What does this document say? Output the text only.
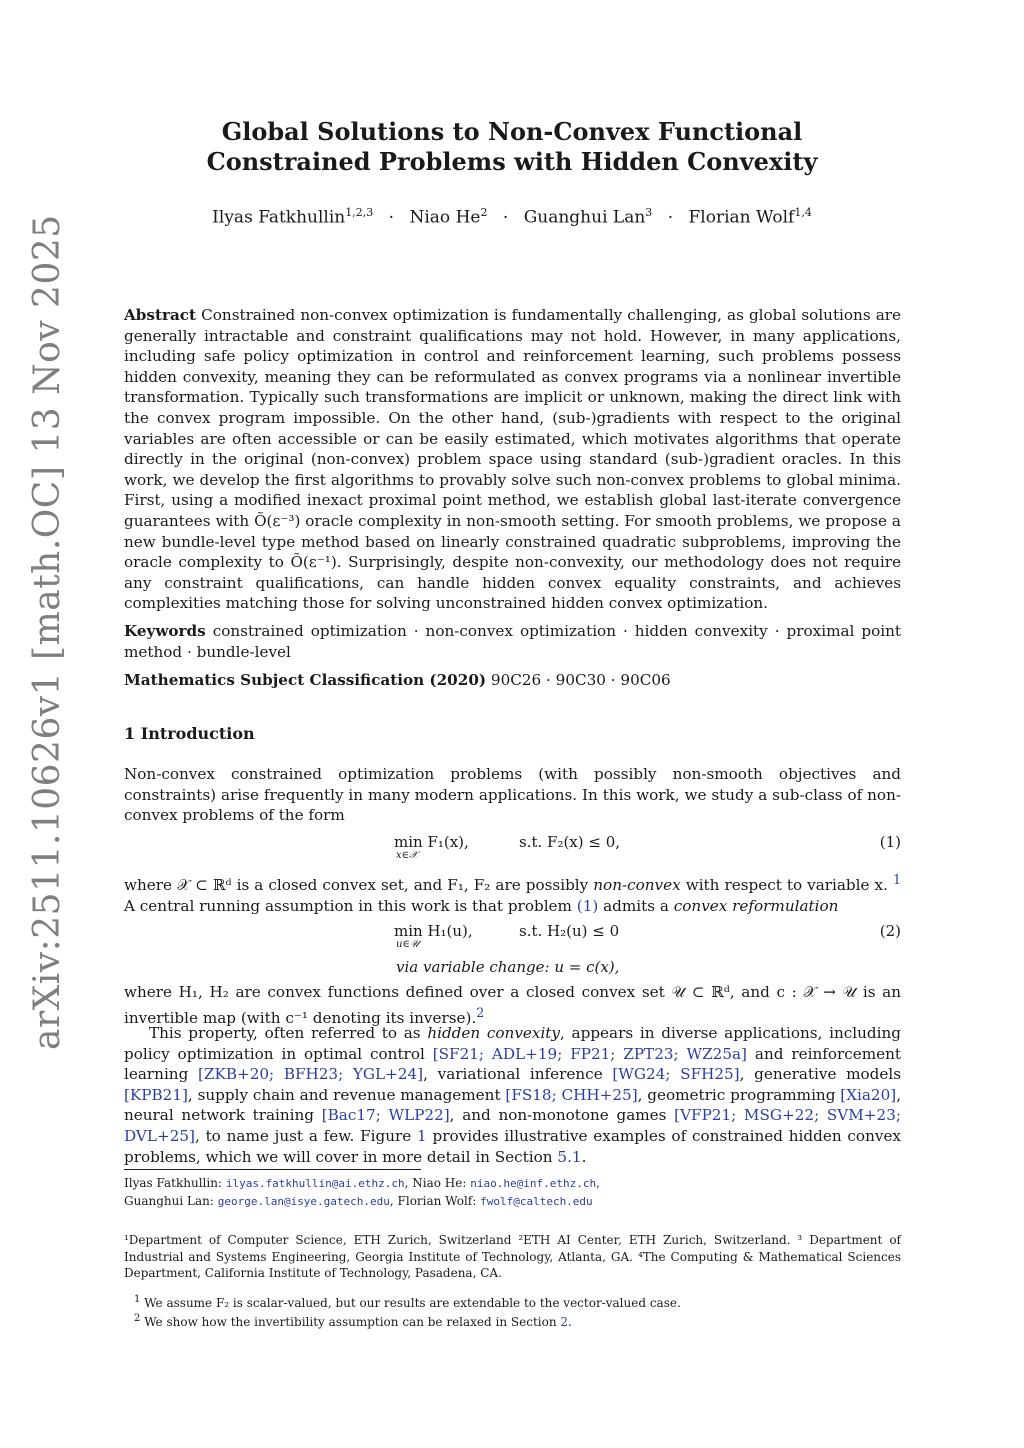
arXiv:2511.10626v1 [math.OC] 13 Nov 2025
Global Solutions to Non-Convex Functional
Constrained Problems with Hidden Convexity
Ilyas Fatkhullin$^{1,2,3}$ · Niao $He^2$ · Guanghui Lan$^3$ · Florian Wolf$^{1,4}$
Abstract Constrained non-convex optimization is fundamentally challenging, as global solutions are generally intractable and constraint qualifications may not hold. However, in many applications, including safe policy optimization in control and reinforcement learning, such problems possess hidden convexity, meaning they can be reformulated as convex programs via a nonlinear invertible transformation. Typically such transformations are implicit or unknown, making the direct link with the convex program impossible. On the other hand, (sub-)gradients with respect to the original variables are often accessible or can be easily estimated, which motivates algorithms that operate directly in the original (non-convex) problem space using standard (sub-)gradient oracles. In this work, we develop the first algorithms to provably solve such non-convex problems to global minima. First, using a modified inexact proximal point method, we establish global last-iterate convergence guarantees with Õ(ε⁻³) oracle complexity in non-smooth setting. For smooth problems, we propose a new bundle-level type method based on linearly constrained quadratic subproblems, improving the oracle complexity to Õ(ε⁻¹). Surprisingly, despite non-convexity, our methodology does not require any constraint qualifications, can handle hidden convex equality constraints, and achieves complexities matching those for solving unconstrained hidden convex optimization.
Keywords constrained optimization · non-convex optimization · hidden convexity · proximal point method · bundle-level
Mathematics Subject Classification (2020) 90C26 · 90C30 · 90C06
1 Introduction
Non-convex constrained optimization problems (with possibly non-smooth objectives and constraints) arise frequently in many modern applications. In this work, we study a sub-class of non-convex problems of the form
min F₁(x),
x∈𝒳
s.t. F₂(x) ≤ 0,	(1)
where 𝒳 ⊂ ℝᵈ is a closed convex set, and F₁, F₂ are possibly non-convex with respect to variable x. $^1$ A central running assumption in this work is that problem (1) admits a convex reformulation
min H₁(u),
u∈𝒰
s.t. H₂(u) ≤ 0	(2)
via variable change: u = c(x),
where H₁, H₂ are convex functions defined over a closed convex set 𝒰 ⊂ ℝᵈ, and c : 𝒳 → 𝒰 is an invertible map (with c⁻¹ denoting its inverse).$^2$
This property, often referred to as hidden convexity, appears in diverse applications, including policy optimization in optimal control [SF21; ADL+19; FP21; ZPT23; WZ25a] and reinforcement learning [ZKB+20; BFH23; YGL+24], variational inference [WG24; SFH25], generative models [KPB21], supply chain and revenue management [FS18; CHH+25], geometric programming [Xia20], neural network training [Bac17; WLP22], and non-monotone games [VFP21; MSG+22; SVM+23; DVL+25], to name just a few. Figure 1 provides illustrative examples of constrained hidden convex problems, which we will cover in more detail in Section 5.1.
Ilyas Fatkhullin: ilyas.fatkhullin@ai.ethz.ch, Niao He: niao.he@inf.ethz.ch,
Guanghui Lan: george.lan@isye.gatech.edu, Florian Wolf: fwolf@caltech.edu
¹Department of Computer Science, ETH Zurich, Switzerland ²ETH AI Center, ETH Zurich, Switzerland. ³ Department of Industrial and Systems Engineering, Georgia Institute of Technology, Atlanta, GA. ⁴The Computing & Mathematical Sciences Department, California Institute of Technology, Pasadena, CA.
$^1$ We assume F₂ is scalar-valued, but our results are extendable to the vector-valued case.
$^2$ We show how the invertibility assumption can be relaxed in Section 2.
